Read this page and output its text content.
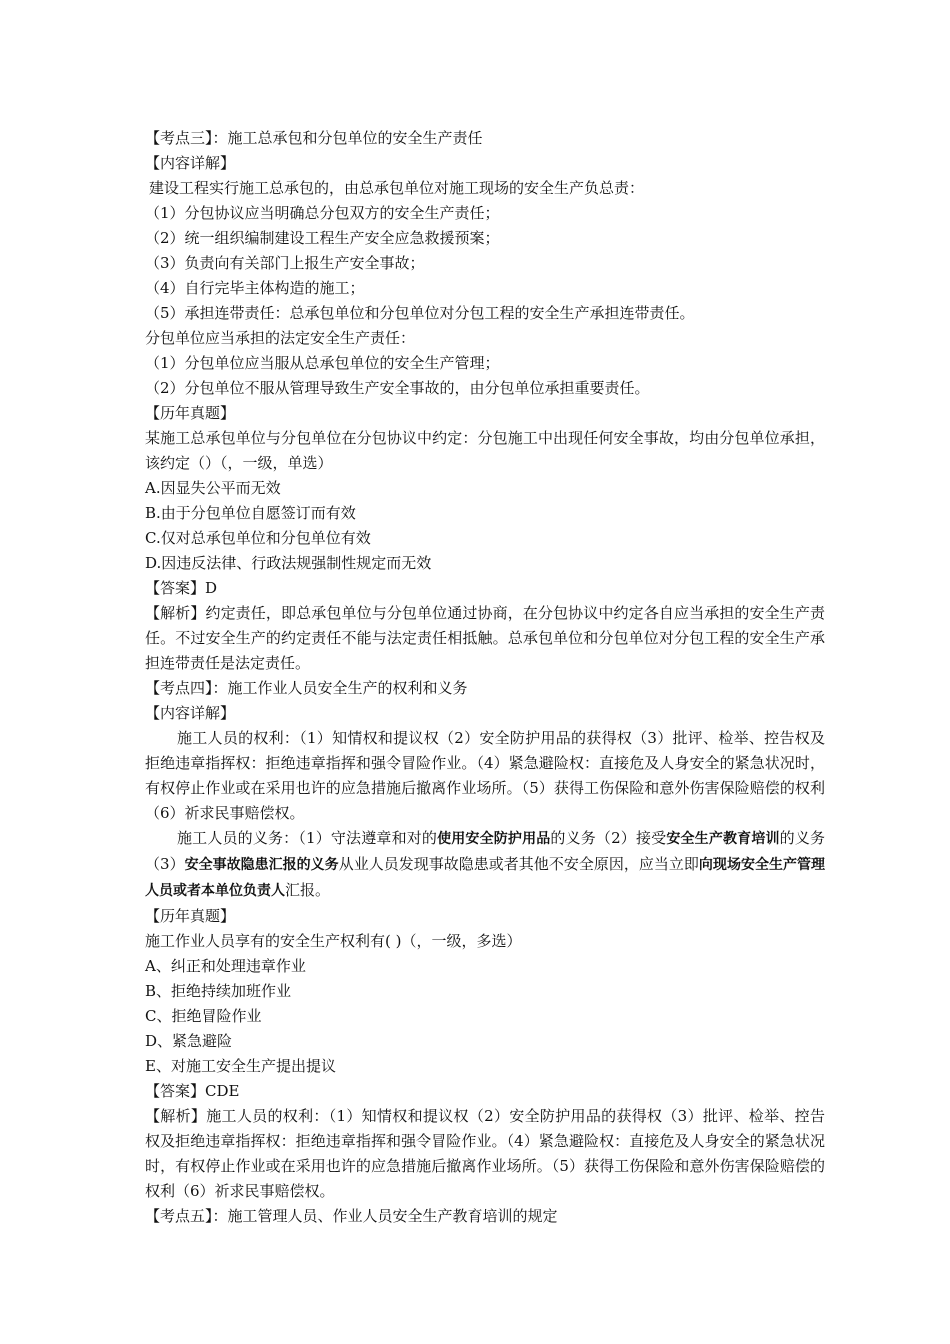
【考点三】：施工总承包和分包单位的安全生产责任
【内容详解】
建设工程实行施工总承包的，由总承包单位对施工现场的安全生产负总责：
（1）分包协议应当明确总分包双方的安全生产责任；
（2）统一组织编制建设工程生产安全应急救援预案；
（3）负责向有关部门上报生产安全事故；
（4）自行完毕主体构造的施工；
（5）承担连带责任：总承包单位和分包单位对分包工程的安全生产承担连带责任。
分包单位应当承担的法定安全生产责任：
（1）分包单位应当服从总承包单位的安全生产管理；
（2）分包单位不服从管理导致生产安全事故的，由分包单位承担重要责任。
【历年真题】
某施工总承包单位与分包单位在分包协议中约定：分包施工中出现任何安全事故，均由分包单位承担，该约定（）（，一级，单选）
A.因显失公平而无效
B.由于分包单位自愿签订而有效
C.仅对总承包单位和分包单位有效
D.因违反法律、行政法规强制性规定而无效
【答案】D
【解析】约定责任，即总承包单位与分包单位通过协商，在分包协议中约定各自应当承担的安全生产责任。不过安全生产的约定责任不能与法定责任相抵触。总承包单位和分包单位对分包工程的安全生产承担连带责任是法定责任。
【考点四】：施工作业人员安全生产的权利和义务
【内容详解】
施工人员的权利：（1）知情权和提议权（2）安全防护用品的获得权（3）批评、检举、控告权及拒绝违章指挥权：拒绝违章指挥和强令冒险作业。（4）紧急避险权：直接危及人身安全的紧急状况时，有权停止作业或在采用也许的应急措施后撤离作业场所。（5）获得工伤保险和意外伤害保险赔偿的权利（6）祈求民事赔偿权。
施工人员的义务：（1）守法遵章和对的使用安全防护用品的义务（2）接受安全生产教育培训的义务（3）安全事故隐患汇报的义务从业人员发现事故隐患或者其他不安全原因，应当立即向现场安全生产管理人员或者本单位负责人汇报。
【历年真题】
施工作业人员享有的安全生产权利有( )（，一级，多选）
A、纠正和处理违章作业
B、拒绝持续加班作业
C、拒绝冒险作业
D、紧急避险
E、对施工安全生产提出提议
【答案】CDE
【解析】施工人员的权利：（1）知情权和提议权（2）安全防护用品的获得权（3）批评、检举、控告权及拒绝违章指挥权：拒绝违章指挥和强令冒险作业。（4）紧急避险权：直接危及人身安全的紧急状况时，有权停止作业或在采用也许的应急措施后撤离作业场所。（5）获得工伤保险和意外伤害保险赔偿的权利（6）祈求民事赔偿权。
【考点五】：施工管理人员、作业人员安全生产教育培训的规定
